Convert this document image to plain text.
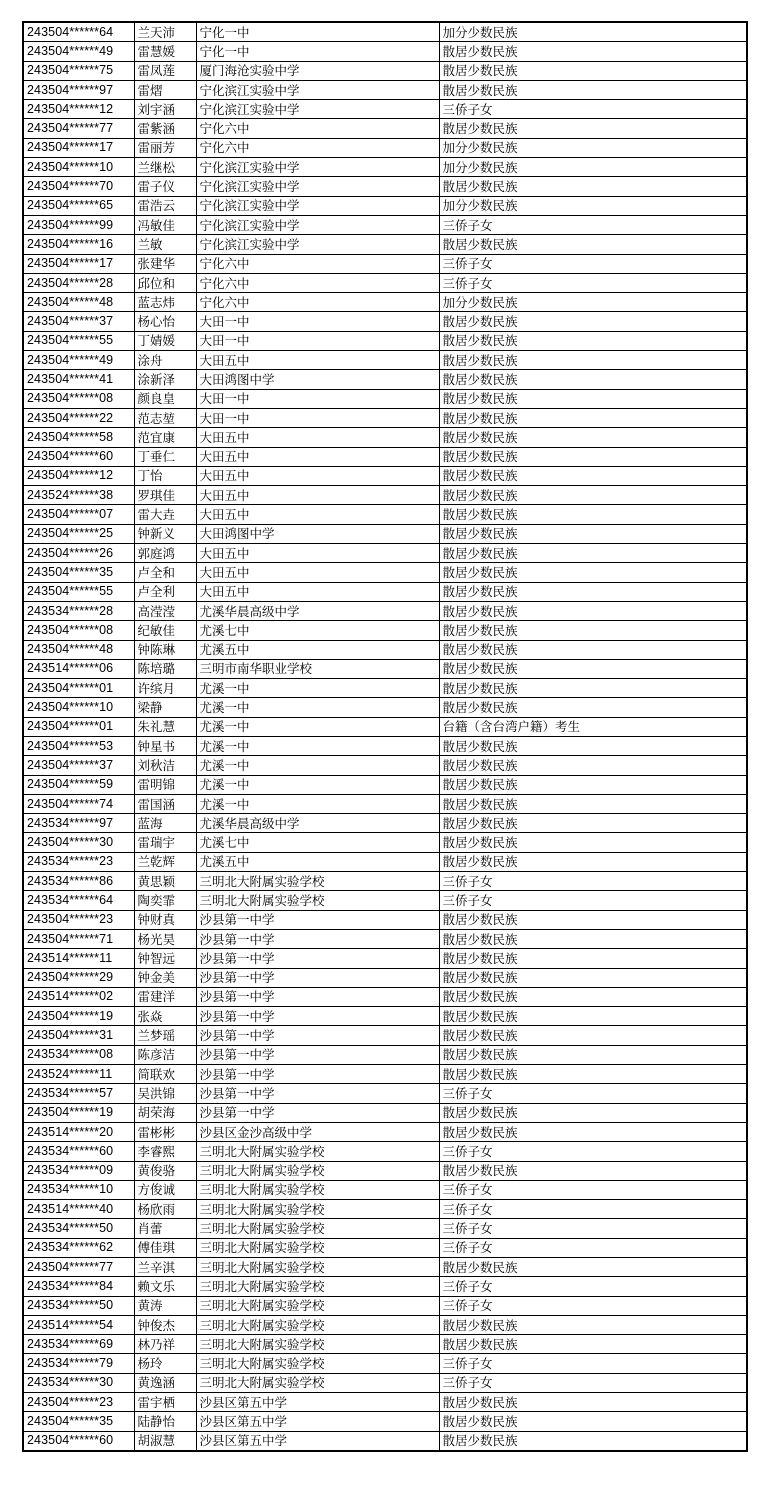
243504******64	兰天沛	宁化一中	加分少数民族
243504******49	雷慧媛	宁化一中	散居少数民族
243504******75	雷凤莲	厦门海沧实验中学	散居少数民族
243504******97	雷熠	宁化滨江实验中学	散居少数民族
243504******12	刘宇涵	宁化滨江实验中学	三侨子女
243504******77	雷紫涵	宁化六中	散居少数民族
243504******17	雷丽芳	宁化六中	加分少数民族
243504******10	兰继松	宁化滨江实验中学	加分少数民族
243504******70	雷子仪	宁化滨江实验中学	散居少数民族
243504******65	雷浩云	宁化滨江实验中学	加分少数民族
243504******99	冯敏佳	宁化滨江实验中学	三侨子女
243504******16	兰敏	宁化滨江实验中学	散居少数民族
243504******17	张建华	宁化六中	三侨子女
243504******28	邱位和	宁化六中	三侨子女
243504******48	蓝志炜	宁化六中	加分少数民族
243504******37	杨心怡	大田一中	散居少数民族
243504******55	丁婧媛	大田一中	散居少数民族
243504******49	涂舟	大田五中	散居少数民族
243504******41	涂新泽	大田鸿图中学	散居少数民族
243504******08	颜良皇	大田一中	散居少数民族
243504******22	范志堃	大田一中	散居少数民族
243504******58	范宜康	大田五中	散居少数民族
243504******60	丁垂仁	大田五中	散居少数民族
243504******12	丁怡	大田五中	散居少数民族
243524******38	罗琪佳	大田五中	散居少数民族
243504******07	雷大垚	大田五中	散居少数民族
243504******25	钟新义	大田鸿图中学	散居少数民族
243504******26	郭庭鸿	大田五中	散居少数民族
243504******35	卢全和	大田五中	散居少数民族
243504******55	卢全利	大田五中	散居少数民族
243534******28	高滢滢	尤溪华晨高级中学	散居少数民族
243504******08	纪敏佳	尤溪七中	散居少数民族
243504******48	钟陈琳	尤溪五中	散居少数民族
243514******06	陈培璐	三明市南华职业学校	散居少数民族
243504******01	许缤月	尤溪一中	散居少数民族
243504******10	梁静	尤溪一中	散居少数民族
243504******01	朱礼慧	尤溪一中	台籍（含台湾户籍）考生
243504******53	钟星书	尤溪一中	散居少数民族
243504******37	刘秋洁	尤溪一中	散居少数民族
243504******59	雷明锦	尤溪一中	散居少数民族
243504******74	雷国涵	尤溪一中	散居少数民族
243534******97	蓝海	尤溪华晨高级中学	散居少数民族
243504******30	雷瑞宇	尤溪七中	散居少数民族
243534******23	兰乾辉	尤溪五中	散居少数民族
243534******86	黄思颖	三明北大附属实验学校	三侨子女
243534******64	陶奕霏	三明北大附属实验学校	三侨子女
243504******23	钟财真	沙县第一中学	散居少数民族
243504******71	杨光昊	沙县第一中学	散居少数民族
243514******11	钟智远	沙县第一中学	散居少数民族
243504******29	钟金美	沙县第一中学	散居少数民族
243514******02	雷建洋	沙县第一中学	散居少数民族
243504******19	张焱	沙县第一中学	散居少数民族
243504******31	兰梦瑶	沙县第一中学	散居少数民族
243534******08	陈彦洁	沙县第一中学	散居少数民族
243524******11	简联欢	沙县第一中学	散居少数民族
243534******57	吴洪锦	沙县第一中学	三侨子女
243504******19	胡荣海	沙县第一中学	散居少数民族
243514******20	雷彬彬	沙县区金沙高级中学	散居少数民族
243534******60	李睿熙	三明北大附属实验学校	三侨子女
243534******09	黄俊骆	三明北大附属实验学校	散居少数民族
243534******10	方俊诚	三明北大附属实验学校	三侨子女
243514******40	杨欣雨	三明北大附属实验学校	三侨子女
243534******50	肖蕾	三明北大附属实验学校	三侨子女
243534******62	傅佳琪	三明北大附属实验学校	三侨子女
243504******77	兰辛淇	三明北大附属实验学校	散居少数民族
243534******84	赖文乐	三明北大附属实验学校	三侨子女
243534******50	黄涛	三明北大附属实验学校	三侨子女
243514******54	钟俊杰	三明北大附属实验学校	散居少数民族
243534******69	林乃祥	三明北大附属实验学校	散居少数民族
243534******79	杨玲	三明北大附属实验学校	三侨子女
243534******30	黄逸涵	三明北大附属实验学校	三侨子女
243504******23	雷宇栖	沙县区第五中学	散居少数民族
243504******35	陆静怡	沙县区第五中学	散居少数民族
243504******60	胡淑慧	沙县区第五中学	散居少数民族
